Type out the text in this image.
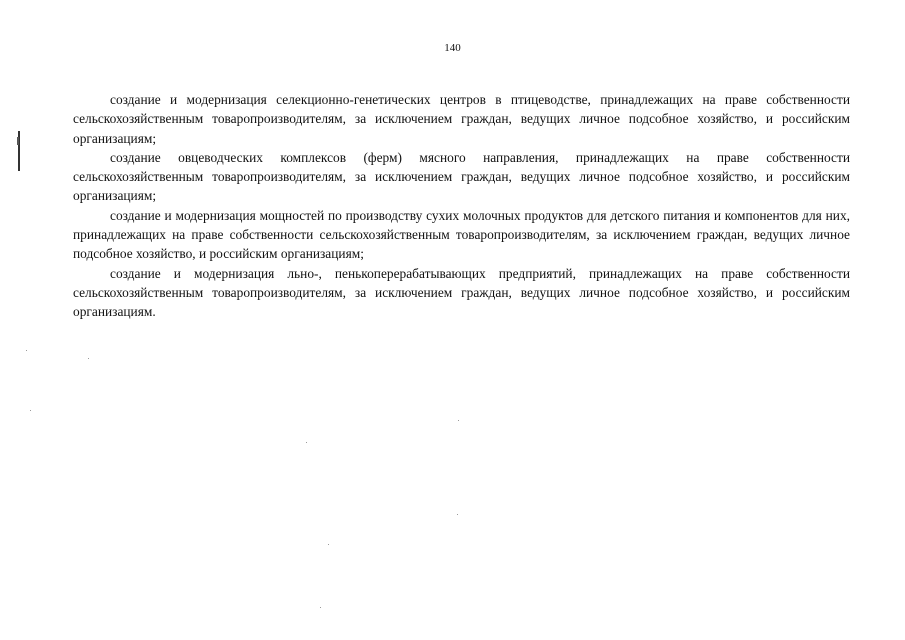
140

создание и модернизация селекционно-генетических центров в птицеводстве, принадлежащих на праве собственности сельскохозяйственным товаропроизводителям, за исключением граждан, ведущих личное подсобное хозяйство, и российским организациям;

создание овцеводческих комплексов (ферм) мясного направления, принадлежащих на праве собственности сельскохозяйственным товаропроизводителям, за исключением граждан, ведущих личное подсобное хозяйство, и российским организациям;

создание и модернизация мощностей по производству сухих молочных продуктов для детского питания и компонентов для них, принадлежащих на праве собственности сельскохозяйственным товаропроизводителям, за исключением граждан, ведущих личное подсобное хозяйство, и российским организациям;

создание и модернизация льно-, пенькоперерабатывающих предприятий, принадлежащих на праве собственности сельскохозяйственным товаропроизводителям, за исключением граждан, ведущих личное подсобное хозяйство, и российским организациям.
